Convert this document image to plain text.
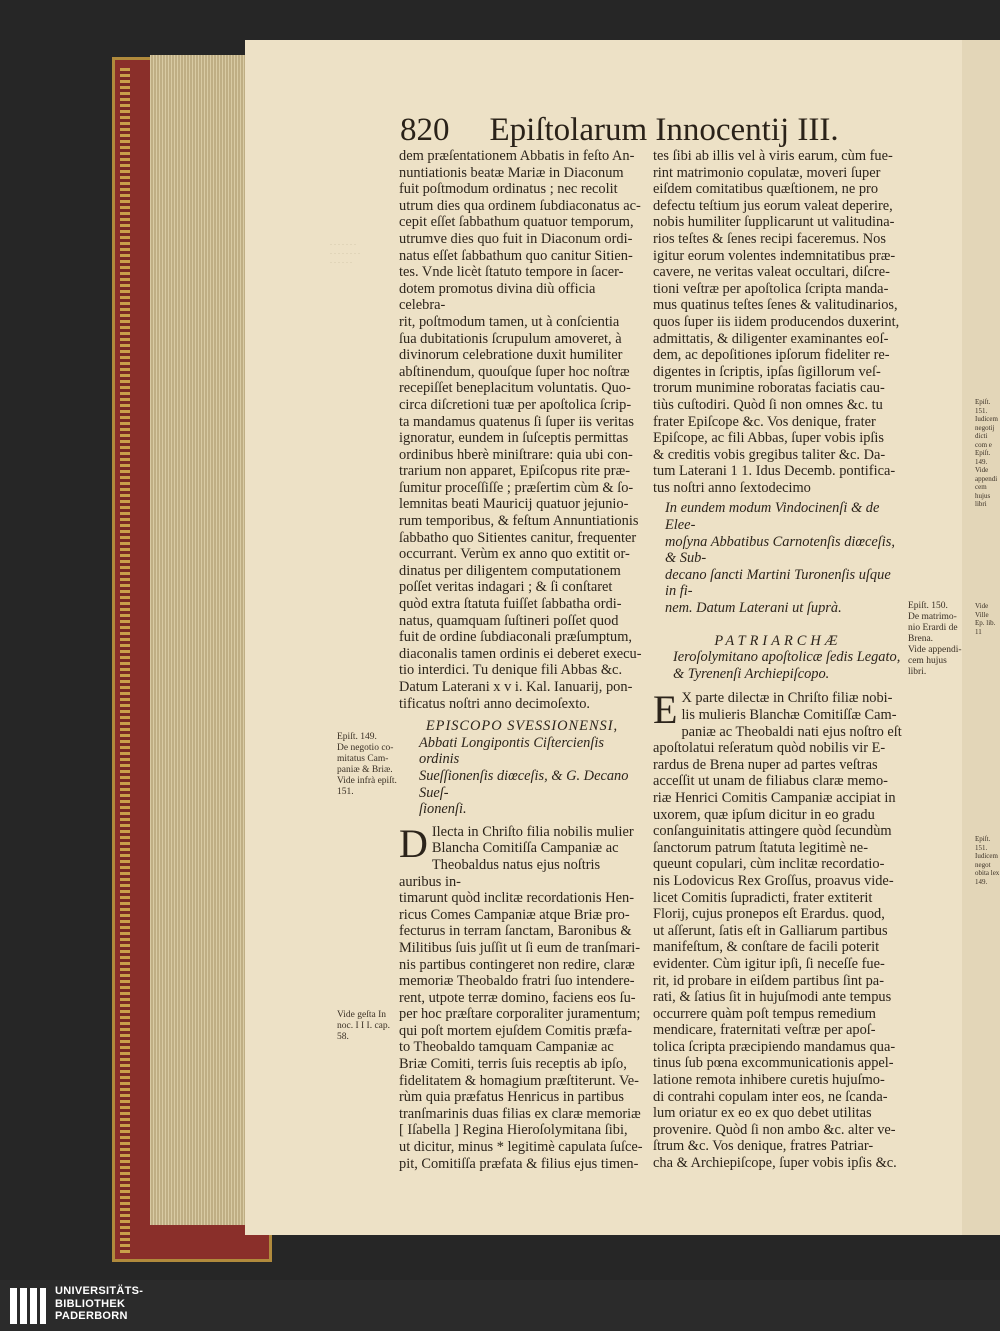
. . . . . . .
. . . . . . . .
. . . . . .
820 Epiſtolarum Innocentij III.
dem præſentationem Abbatis in feſto An-
nuntiationis beatæ Mariæ in Diaconum
fuit poſtmodum ordinatus ; nec recolit
utrum dies qua ordinem ſubdiaconatus ac-
cepit eſſet ſabbathum quatuor temporum,
utrumve dies quo fuit in Diaconum ordi-
natus eſſet ſabbathum quo canitur Sitien-
tes. Vnde licèt ſtatuto tempore in ſacer-
dotem promotus divina diù officia celebra-
rit, poſtmodum tamen, ut à conſcientia
ſua dubitationis ſcrupulum amoveret, à
divinorum celebratione duxit humiliter
abſtinendum, quouſque ſuper hoc noſtræ
recepiſſet beneplacitum voluntatis. Quo-
circa diſcretioni tuæ per apoſtolica ſcrip-
ta mandamus quatenus ſi ſuper iis veritas
ignoratur, eundem in ſuſceptis permittas
ordinibus hberè miniſtrare: quia ubi con-
trarium non apparet, Epiſcopus rite præ-
ſumitur proceſſiſſe ; præſertim cùm & ſo-
lemnitas beati Mauricij quatuor jejunio-
rum temporibus, & feſtum Annuntiationis
ſabbatho quo Sitientes canitur, frequenter
occurrant. Verùm ex anno quo extitit or-
dinatus per diligentem computationem
poſſet veritas indagari ; & ſi conſtaret
quòd extra ſtatuta fuiſſet ſabbatha ordi-
natus, quamquam ſuſtineri poſſet quod
fuit de ordine ſubdiaconali præſumptum,
diaconalis tamen ordinis ei deberet execu-
tio interdici. Tu denique fili Abbas &c.
Datum Laterani x v i. Kal. Ianuarij, pon-
tificatus noſtri anno decimoſexto.
EPISCOPO SVESSIONENSI,
Abbati Longipontis Ciſtercienſis ordinis
Sueſſionenſis diœceſis, & G. Decano Sueſ-
ſionenſi.
D Ilecta in Chriſto filia nobilis mulier
Blancha Comitiſſa Campaniæ ac
Theobaldus natus ejus noſtris auribus in-
timarunt quòd inclitæ recordationis Hen-
ricus Comes Campaniæ atque Briæ pro-
fecturus in terram ſanctam, Baronibus &
Militibus ſuis juſſit ut ſi eum de tranſmari-
nis partibus contingeret non redire, claræ
memoriæ Theobaldo fratri ſuo intendere-
rent, utpote terræ domino, faciens eos ſu-
per hoc præſtare corporaliter juramentum;
qui poſt mortem ejuſdem Comitis præfa-
to Theobaldo tamquam Campaniæ ac
Briæ Comiti, terris ſuis receptis ab ipſo,
fidelitatem & homagium præſtiterunt. Ve-
rùm quia præfatus Henricus in partibus
tranſmarinis duas filias ex claræ memoriæ
[ Iſabella ] Regina Hieroſolymitana ſibi,
ut dicitur, minus * legitimè capulata ſuſce-
pit, Comitiſſa præfata & filius ejus timen-
tes ſibi ab illis vel à viris earum, cùm fue-
rint matrimonio copulatæ, moveri ſuper
eiſdem comitatibus quæſtionem, ne pro
defectu teſtium jus eorum valeat deperire,
nobis humiliter ſupplicarunt ut valitudina-
rios teſtes & ſenes recipi faceremus. Nos
igitur eorum volentes indemnitatibus præ-
cavere, ne veritas valeat occultari, diſcre-
tioni veſtræ per apoſtolica ſcripta manda-
mus quatinus teſtes ſenes & valitudinarios,
quos ſuper iis iidem producendos duxerint,
admittatis, & diligenter examinantes eoſ-
dem, ac depoſitiones ipſorum fideliter re-
digentes in ſcriptis, ipſas ſigillorum veſ-
trorum munimine roboratas faciatis cau-
tiùs cuſtodiri. Quòd ſi non omnes &c. tu
frater Epiſcope &c. Vos denique, frater
Epiſcope, ac fili Abbas, ſuper vobis ipſis
& creditis vobis gregibus taliter &c. Da-
tum Laterani 1 1. Idus Decemb. pontifica-
tus noſtri anno ſextodecimo
In eundem modum Vindocinenſi & de Elee-
moſyna Abbatibus Carnotenſis diœceſis, & Sub-
decano ſancti Martini Turonenſis uſque in fi-
nem. Datum Laterani ut ſuprà.
PATRIARCHÆ
Ieroſolymitano apoſtolicæ ſedis Legato,
& Tyrenenſi Archiepiſcopo.
E X parte dilectæ in Chriſto filiæ nobi-
lis mulieris Blanchæ Comitiſſæ Cam-
paniæ ac Theobaldi nati ejus noſtro eſt
apoſtolatui reſeratum quòd nobilis vir E-
rardus de Brena nuper ad partes veſtras
acceſſit ut unam de filiabus claræ memo-
riæ Henrici Comitis Campaniæ accipiat in
uxorem, quæ ipſum dicitur in eo gradu
conſanguinitatis attingere quòd ſecundùm
ſanctorum patrum ſtatuta legitimè ne-
queunt copulari, cùm inclitæ recordatio-
nis Lodovicus Rex Groſſus, proavus vide-
licet Comitis ſupradicti, frater extiterit
Florij, cujus pronepos eſt Erardus. quod,
ut aſſerunt, ſatis eſt in Galliarum partibus
manifeſtum, & conſtare de facili poterit
evidenter. Cùm igitur ipſi, ſi neceſſe fue-
rit, id probare in eiſdem partibus ſint pa-
rati, & ſatius ſit in hujuſmodi ante tempus
occurrere quàm poſt tempus remedium
mendicare, fraternitati veſtræ per apoſ-
tolica ſcripta præcipiendo mandamus qua-
tinus ſub pœna excommunicationis appel-
latione remota inhibere curetis hujuſmo-
di contrahi copulam inter eos, ne ſcanda-
lum oriatur ex eo ex quo debet utilitas
provenire. Quòd ſi non ambo &c. alter ve-
ſtrum &c. Vos denique, fratres Patriar-
cha & Archiepiſcope, ſuper vobis ipſis &c.
Epiſt. 149.
De negotio co-
mitatus Cam-
paniæ & Briæ.
Vide infrà epiſt.
151.
Vide geſta In
noc. I I I. cap.
58.
Epiſt. 150.
De matrimo-
nio Erardi de
Brena.
Vide appendi-
cem hujus libri.
Epiſt. 151.
Iudicem negotij
dicti com e
Epiſt. 149.
Vide appendi
cem hujus libri
Vide Ville
Ep. lib. 11
Epiſt. 151.
Iudicem negot
obita lex
149.
UNIVERSITÄTS-
BIBLIOTHEK
PADERBORN
